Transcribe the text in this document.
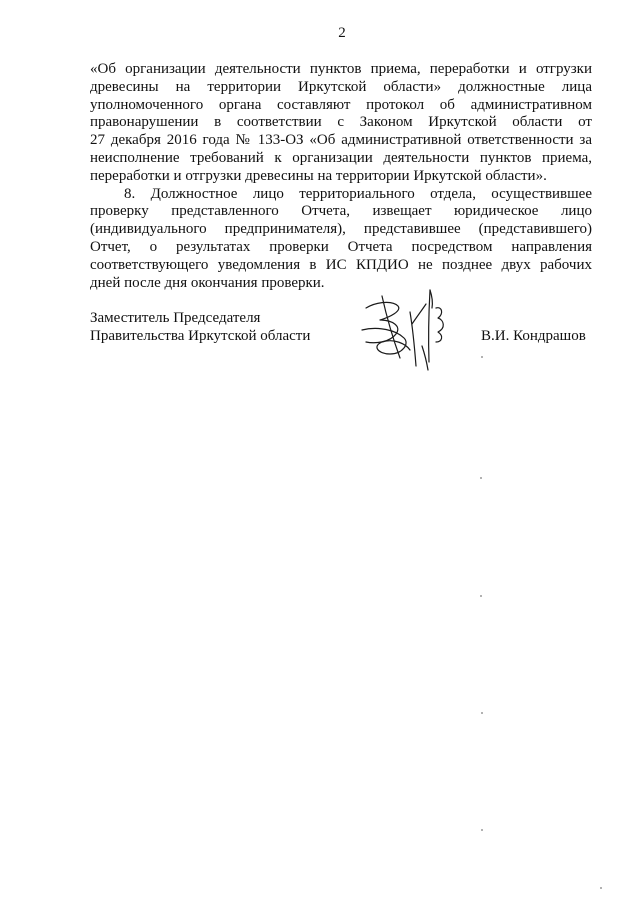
2
«Об организации деятельности пунктов приема, переработки и отгрузки
древесины на территории Иркутской области» должностные лица
уполномоченного органа составляют протокол об административном
правонарушении в соответствии с Законом Иркутской области от
27 декабря 2016 года № 133-ОЗ «Об административной ответственности за
неисполнение требований к организации деятельности пунктов приема,
переработки и отгрузки древесины на территории Иркутской области».
8. Должностное лицо территориального отдела, осуществившее
проверку представленного Отчета, извещает юридическое лицо
(индивидуального предпринимателя), представившее (представившего)
Отчет, о результатах проверки Отчета посредством направления
соответствующего уведомления в ИС КПДИО не позднее двух рабочих
дней после дня окончания проверки.
Заместитель Председателя
Правительства Иркутской области	В.И. Кондрашов
